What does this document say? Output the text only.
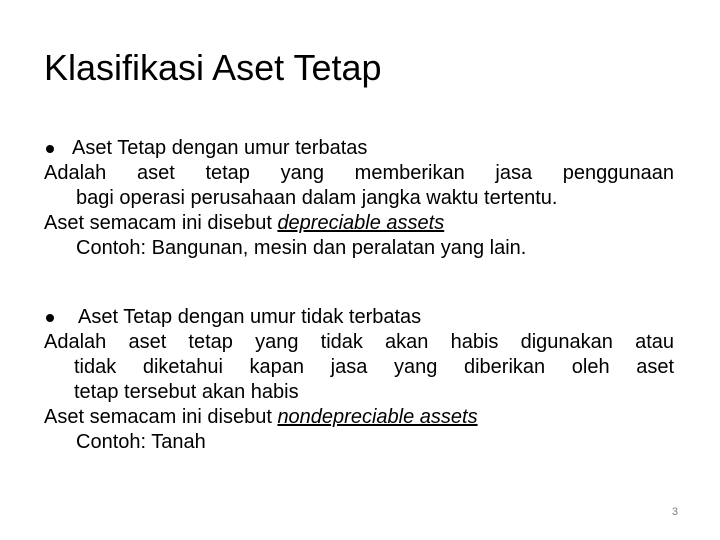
Klasifikasi Aset Tetap
Aset Tetap dengan umur terbatas
Adalah aset tetap yang memberikan jasa penggunaan
bagi operasi perusahaan dalam jangka waktu tertentu.
Aset semacam ini disebut depreciable assets
Contoh: Bangunan, mesin dan peralatan yang lain.
Aset Tetap dengan umur tidak terbatas
Adalah aset tetap yang tidak akan habis digunakan atau
tidak diketahui kapan jasa yang diberikan oleh aset
tetap tersebut akan habis
Aset semacam ini disebut nondepreciable assets
Contoh: Tanah
3
